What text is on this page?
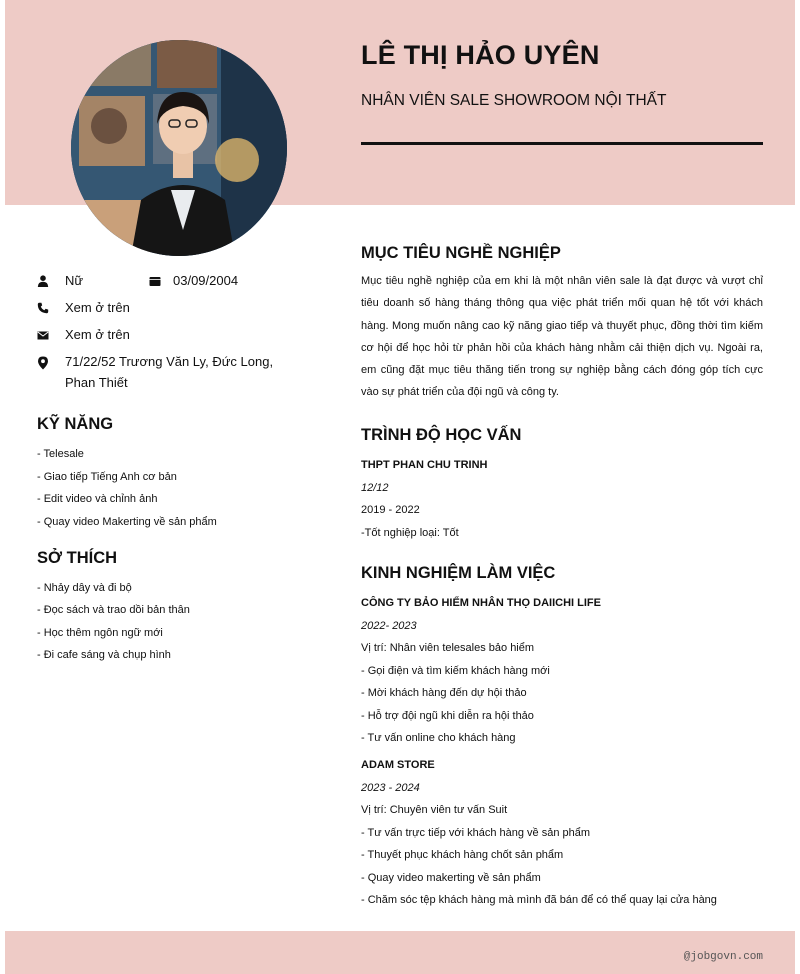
LÊ THỊ HẢO UYÊN
NHÂN VIÊN SALE SHOWROOM NỘI THẤT
Nữ	03/09/2004
Xem ở trên
Xem ở trên
71/22/52 Trương Văn Ly, Đức Long, Phan Thiết
KỸ NĂNG
- Telesale
- Giao tiếp Tiếng Anh cơ bản
- Edit video và chỉnh ảnh
- Quay video Makerting về sản phẩm
SỞ THÍCH
- Nhảy dây và đi bộ
- Đọc sách và trao dồi bản thân
- Học thêm ngôn ngữ mới
- Đi cafe sáng và chụp hình
MỤC TIÊU NGHỀ NGHIỆP
Mục tiêu nghề nghiệp của em khi là một nhân viên sale là đạt được và vượt chỉ tiêu doanh số hàng tháng thông qua việc phát triển mối quan hệ tốt với khách hàng. Mong muốn nâng cao kỹ năng giao tiếp và thuyết phục, đồng thời tìm kiếm cơ hội để học hỏi từ phản hồi của khách hàng nhằm cải thiện dịch vụ. Ngoài ra, em cũng đặt mục tiêu thăng tiến trong sự nghiệp bằng cách đóng góp tích cực vào sự phát triển của đội ngũ và công ty.
TRÌNH ĐỘ HỌC VẤN
THPT PHAN CHU TRINH
12/12
2019 - 2022
-Tốt nghiệp loại: Tốt
KINH NGHIỆM LÀM VIỆC
CÔNG TY BẢO HIỂM NHÂN THỌ DAIICHI LIFE
2022- 2023
Vị trí: Nhân viên telesales bảo hiểm
- Gọi điện và tìm kiếm khách hàng mới
- Mời khách hàng đến dự hội thảo
- Hỗ trợ đội ngũ khi diễn ra hội thảo
- Tư vấn online cho khách hàng
ADAM STORE
2023 - 2024
Vị trí: Chuyên viên tư vấn Suit
- Tư vấn trực tiếp với khách hàng về sản phẩm
- Thuyết phục khách hàng chốt sản phẩm
- Quay video makerting về sản phẩm
- Chăm sóc tệp khách hàng mà mình đã bán để có thể quay lại cửa hàng
@jobgovn.com
